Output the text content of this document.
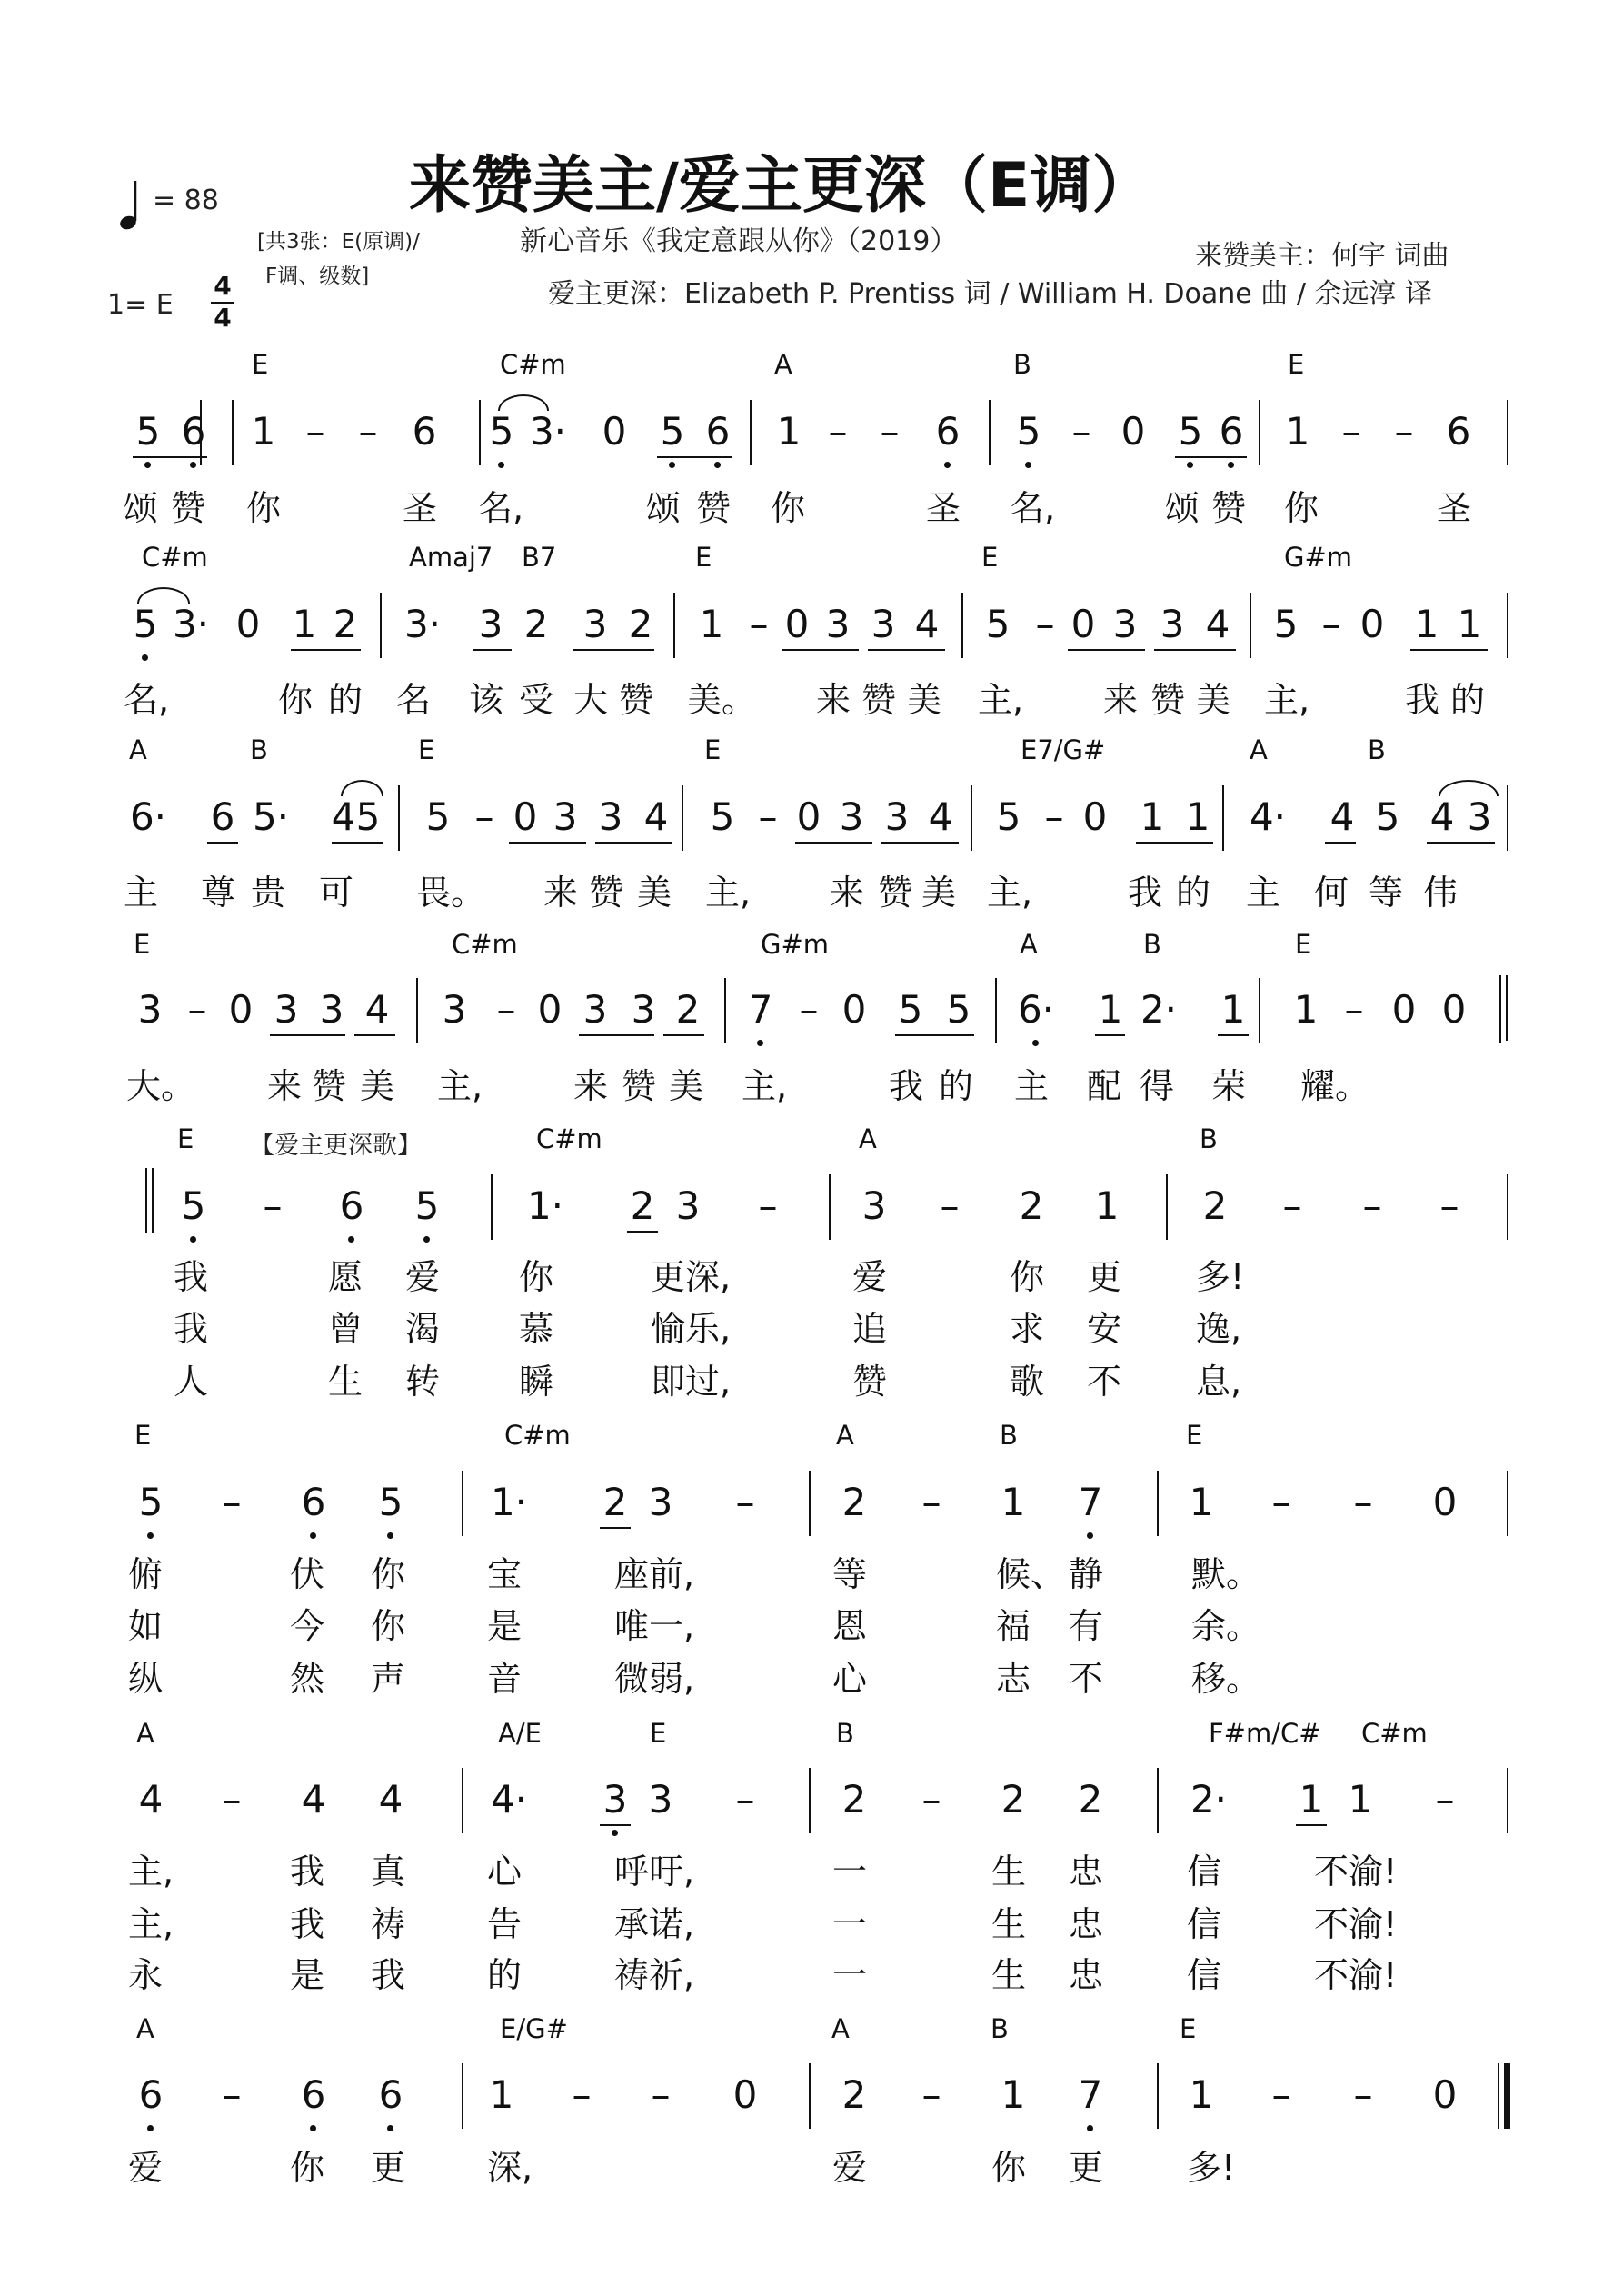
来赞美主/爱主更深（E调）
= 88
[共3张：E(原调)/
F调、级数]
新心音乐《我定意跟从你》（2019）	来赞美主：何宇 词曲
爱主更深：Elizabeth P. Prentiss 词 / William H. Doane 曲 / 余远淳 译
1= E
4
4
【爱主更深歌】
E	C#m	A	B	E
5 6	1 – – 6	5 3· 0 5 6	1 – – 6	5 – 0 5 6	1 – – 6
颂 赞 你	圣 名,	颂 赞 你	圣 名,	颂 赞 你	圣
C#m	Amaj7 B7	E	E	G#m
5 3· 0 1 2	3· 3 2 3 2	1 – 0 3 3 4	5 – 0 3 3 4	5 – 0 1 1
名,	你 的 名 该 受 大 赞 美。 来 赞 美 主, 来 赞 美 主,	我 的
A	B	E	E	E7/G#	A	B
6·	6 5·	4 5	5 – 0 3 3 4	5 – 0 3 3 4	5 – 0 1 1	4·	4 5 4 3
主 尊 贵 可 畏。 来 赞 美 主, 来 赞 美 主,	我 的 主 何 等 伟
E	C#m	G#m	A	B	E
3 – 0 3 3 4	3 – 0 3 3 2	7 – 0 5 5	6·	1 2·	1	1 – 0 0
大。 来 赞 美 主,	来 赞 美 主,	我 的 主 配 得 荣 耀。
E	C#m	A	B
5	–	6	5	1·	2 3	–	3	–	2	1	2	–	–	–
我	愿 爱 你	更深,	爱	你 更 多!
我	曾 渴 慕	愉乐,	追	求 安 逸,
人	生 转 瞬	即过,	赞	歌 不 息,
E	C#m	A	B	E
5	–	6	5	1·	2 3	–	2	–	1	7	1	–	–	0
俯	伏 你 宝	座前,	等	候、 静	默。
如	今 你 是	唯一,	恩	福 有	余。
纵	然 声 音	微弱,	心	志 不	移。
A	A/E	E	B	F#m/C# C#m
4	–	4	4	4·	3 3	–	2	–	2	2	2·	1 1	–
主,	我 真 心	呼吁,	一	生 忠 信	不渝!
主,	我 祷 告	承诺,	一	生 忠 信	不渝!
永	是 我 的	祷祈,	一	生 忠 信	不渝!
A	E/G#	A	B	E
6	–	6	6	1	–	–	0	2	–	1	7	1	–	–	0
爱	你 更 深,	爱	你 更 多!
